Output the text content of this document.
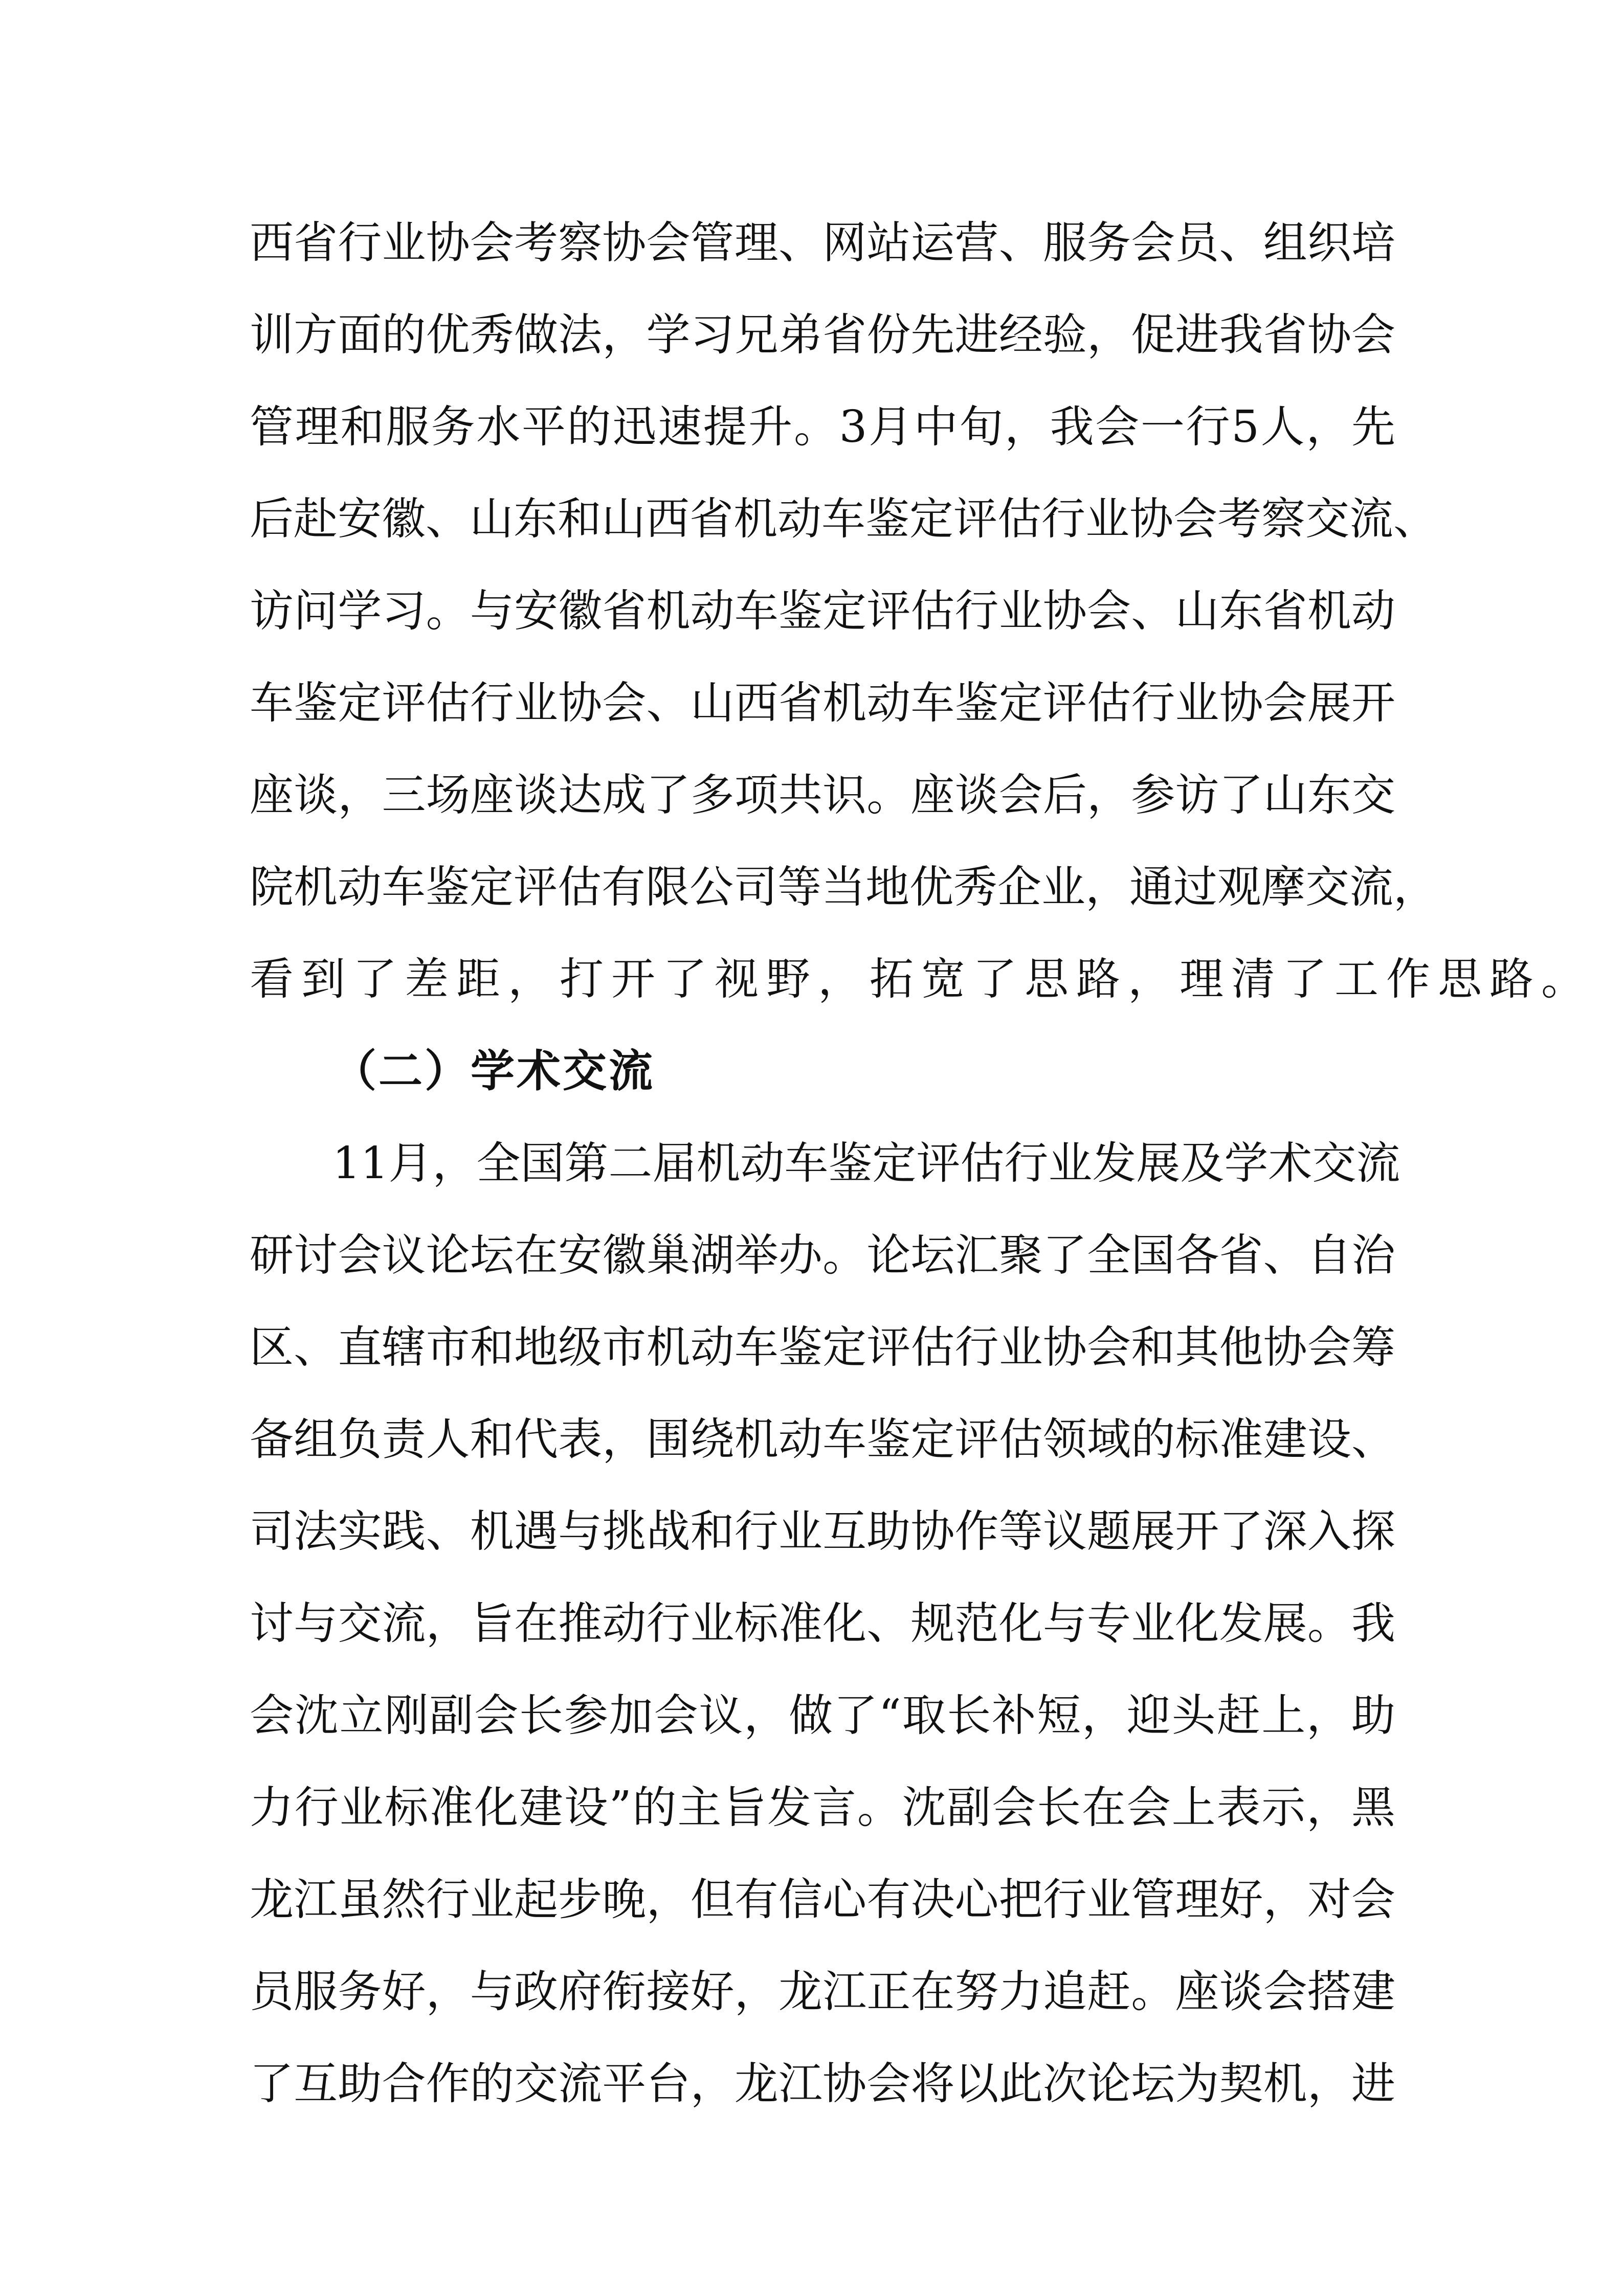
西省行业协会考察协会管理、网站运营、服务会员、组织培
训方面的优秀做法，学习兄弟省份先进经验，促进我省协会
管理和服务水平的迅速提升。3月中旬，我会一行5人，先
后赴安徽、山东和山西省机动车鉴定评估行业协会考察交流、
访问学习。与安徽省机动车鉴定评估行业协会、山东省机动
车鉴定评估行业协会、山西省机动车鉴定评估行业协会展开
座谈，三场座谈达成了多项共识。座谈会后，参访了山东交
院机动车鉴定评估有限公司等当地优秀企业，通过观摩交流，
看到了差距，打开了视野，拓宽了思路，理清了工作思路。
（二）学术交流
11月，全国第二届机动车鉴定评估行业发展及学术交流
研讨会议论坛在安徽巢湖举办。论坛汇聚了全国各省、自治
区、直辖市和地级市机动车鉴定评估行业协会和其他协会筹
备组负责人和代表，围绕机动车鉴定评估领域的标准建设、
司法实践、机遇与挑战和行业互助协作等议题展开了深入探
讨与交流，旨在推动行业标准化、规范化与专业化发展。我
会沈立刚副会长参加会议，做了“取长补短，迎头赶上，助
力行业标准化建设”的主旨发言。沈副会长在会上表示，黑
龙江虽然行业起步晚，但有信心有决心把行业管理好，对会
员服务好，与政府衔接好，龙江正在努力追赶。座谈会搭建
了互助合作的交流平台，龙江协会将以此次论坛为契机，进
